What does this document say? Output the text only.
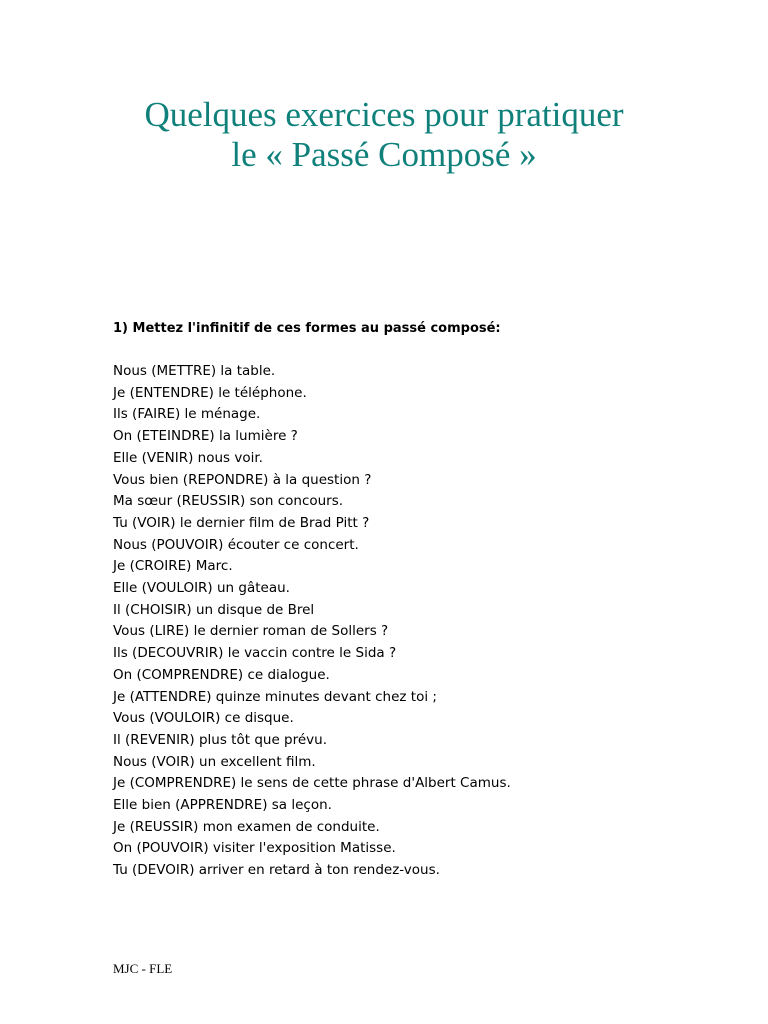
Quelques exercices pour pratiquer
le « Passé Composé »

1) Mettez l'infinitif de ces formes au passé composé:

Nous (METTRE) la table.
Je (ENTENDRE) le téléphone.
Ils (FAIRE) le ménage.
On (ETEINDRE) la lumière ?
Elle (VENIR) nous voir.
Vous bien (REPONDRE) à la question ?
Ma sœur (REUSSIR) son concours.
Tu (VOIR) le dernier film de Brad Pitt ?
Nous (POUVOIR) écouter ce concert.
Je (CROIRE) Marc.
Elle (VOULOIR) un gâteau.
Il (CHOISIR) un disque de Brel
Vous (LIRE) le dernier roman de Sollers ?
Ils (DECOUVRIR) le vaccin contre le Sida ?
On (COMPRENDRE) ce dialogue.
Je (ATTENDRE) quinze minutes devant chez toi ;
Vous (VOULOIR) ce disque.
Il (REVENIR) plus tôt que prévu.
Nous (VOIR) un excellent film.
Je (COMPRENDRE) le sens de cette phrase d'Albert Camus.
Elle bien (APPRENDRE) sa leçon.
Je (REUSSIR) mon examen de conduite.
On (POUVOIR) visiter l'exposition Matisse.
Tu (DEVOIR) arriver en retard à ton rendez-vous.
MJC - FLE
